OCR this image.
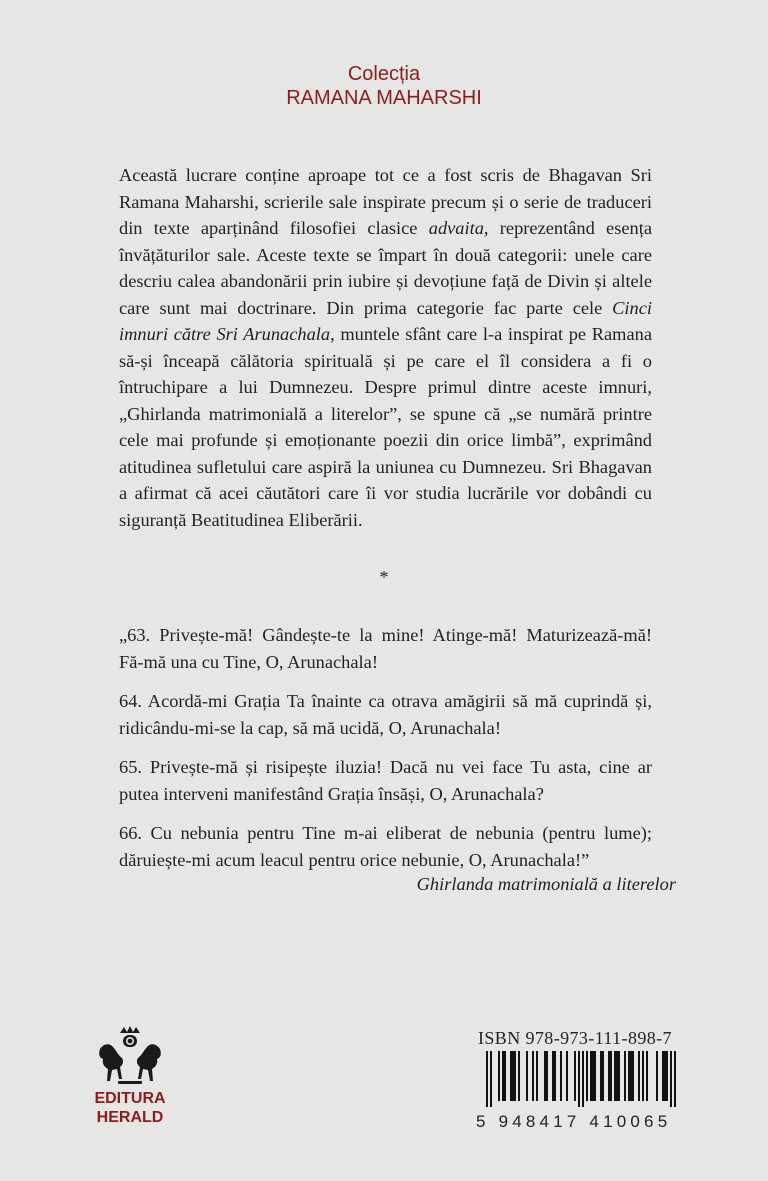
Colecția
RAMANA MAHARSHI

Această lucrare conține aproape tot ce a fost scris de Bhagavan Sri Ramana Maharshi, scrierile sale inspirate precum și o serie de traduceri din texte aparținând filosofiei clasice advaita, reprezentând esența învățăturilor sale. Aceste texte se împart în două categorii: unele care descriu calea abandonării prin iubire și devoțiune față de Divin și altele care sunt mai doctrinare. Din prima categorie fac parte cele Cinci imnuri către Sri Arunachala, muntele sfânt care l-a inspirat pe Ramana să-și înceapă călătoria spirituală și pe care el îl considera a fi o întruchipare a lui Dumnezeu. Despre primul dintre aceste imnuri, „Ghirlanda matrimonială a literelor”, se spune că „se numără printre cele mai profunde și emoționante poezii din orice limbă”, exprimând atitudinea sufletului care aspiră la uniunea cu Dumnezeu. Sri Bhagavan a afirmat că acei căutători care îi vor studia lucrările vor dobândi cu siguranță Beatitudinea Eliberării.

*

„63. Privește-mă! Gândește-te la mine! Atinge-mă! Maturizează-mă! Fă-mă una cu Tine, O, Arunachala!

64. Acordă-mi Grația Ta înainte ca otrava amăgirii să mă cuprindă și, ridicându-mi-se la cap, să mă ucidă, O, Arunachala!

65. Privește-mă și risipește iluzia! Dacă nu vei face Tu asta, cine ar putea interveni manifestând Grația însăși, O, Arunachala?

66. Cu nebunia pentru Tine m-ai eliberat de nebunia (pentru lume); dăruiește-mi acum leacul pentru orice nebunie, O, Arunachala!”

Ghirlanda matrimonială a literelor
EDITURA
HERALD
ISBN 978-973-111-898-7
5 948417 410065
